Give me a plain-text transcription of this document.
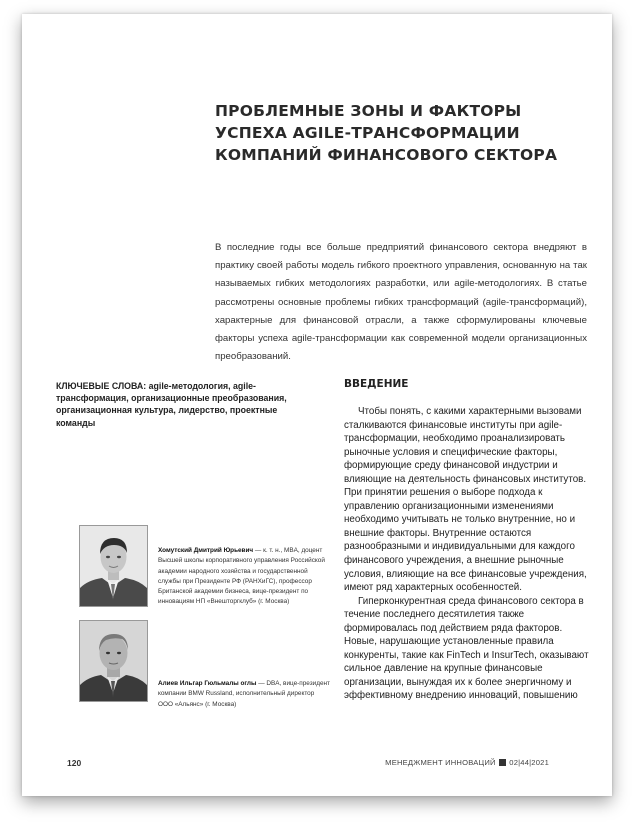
ПРОБЛЕМНЫЕ ЗОНЫ И ФАКТОРЫ УСПЕХА AGILE-ТРАНСФОРМАЦИИ КОМПАНИЙ ФИНАНСОВОГО СЕКТОРА

В последние годы все больше предприятий финансового сектора внедряют в практику своей работы модель гибкого проектного управления, основанную на так называемых гибких методологиях разработки, или agile-методологиях. В статье рассмотрены основные проблемы гибких трансформаций (agile-трансформаций), характерные для финансовой отрасли, а также сформулированы ключевые факторы успеха agile-трансформации как современной модели организационных преобразований.

КЛЮЧЕВЫЕ СЛОВА: agile-методология, agile-трансформация, организационные преобразования, организационная культура, лидерство, проектные команды

ВВЕДЕНИЕ

Чтобы понять, с какими характерными вызовами сталкиваются финансовые институты при agile-трансформации, необходимо проанализировать рыночные условия и специфические факторы, формирующие среду финансовой индустрии и влияющие на деятельность финансовых институтов. При принятии решения о выборе подхода к управлению организационными изменениями необходимо учитывать не только внутренние, но и внешние факторы. Внутренние остаются разнообразными и индивидуальными для каждого финансового учреждения, а внешние рыночные условия, влияющие на все финансовые учреждения, имеют ряд характерных особенностей.

Гиперконкурентная среда финансового сектора в течение последнего десятилетия также формировалась под действием ряда факторов. Новые, нарушающие установленные правила конкуренты, такие как FinTech и InsurTech, оказывают сильное давление на крупные финансовые организации, вынуждая их к более энергичному и эффективному внедрению инноваций, повышению

Хомутский Дмитрий Юрьевич — к. т. н., MBA, доцент Высшей школы корпоративного управления Российской академии народного хозяйства и государственной службы при Президенте РФ (РАНХиГС), профессор Британской академии бизнеса, вице-президент по инновациям НП «Внешторгклуб» (г. Москва)

Алиев Ильгар Гюльмалы оглы — DBA, вице-президент компании BMW Russland, исполнительный директор ООО «Альянс» (г. Москва)

120	МЕНЕДЖМЕНТ ИННОВАЦИЙ 02|44|2021
